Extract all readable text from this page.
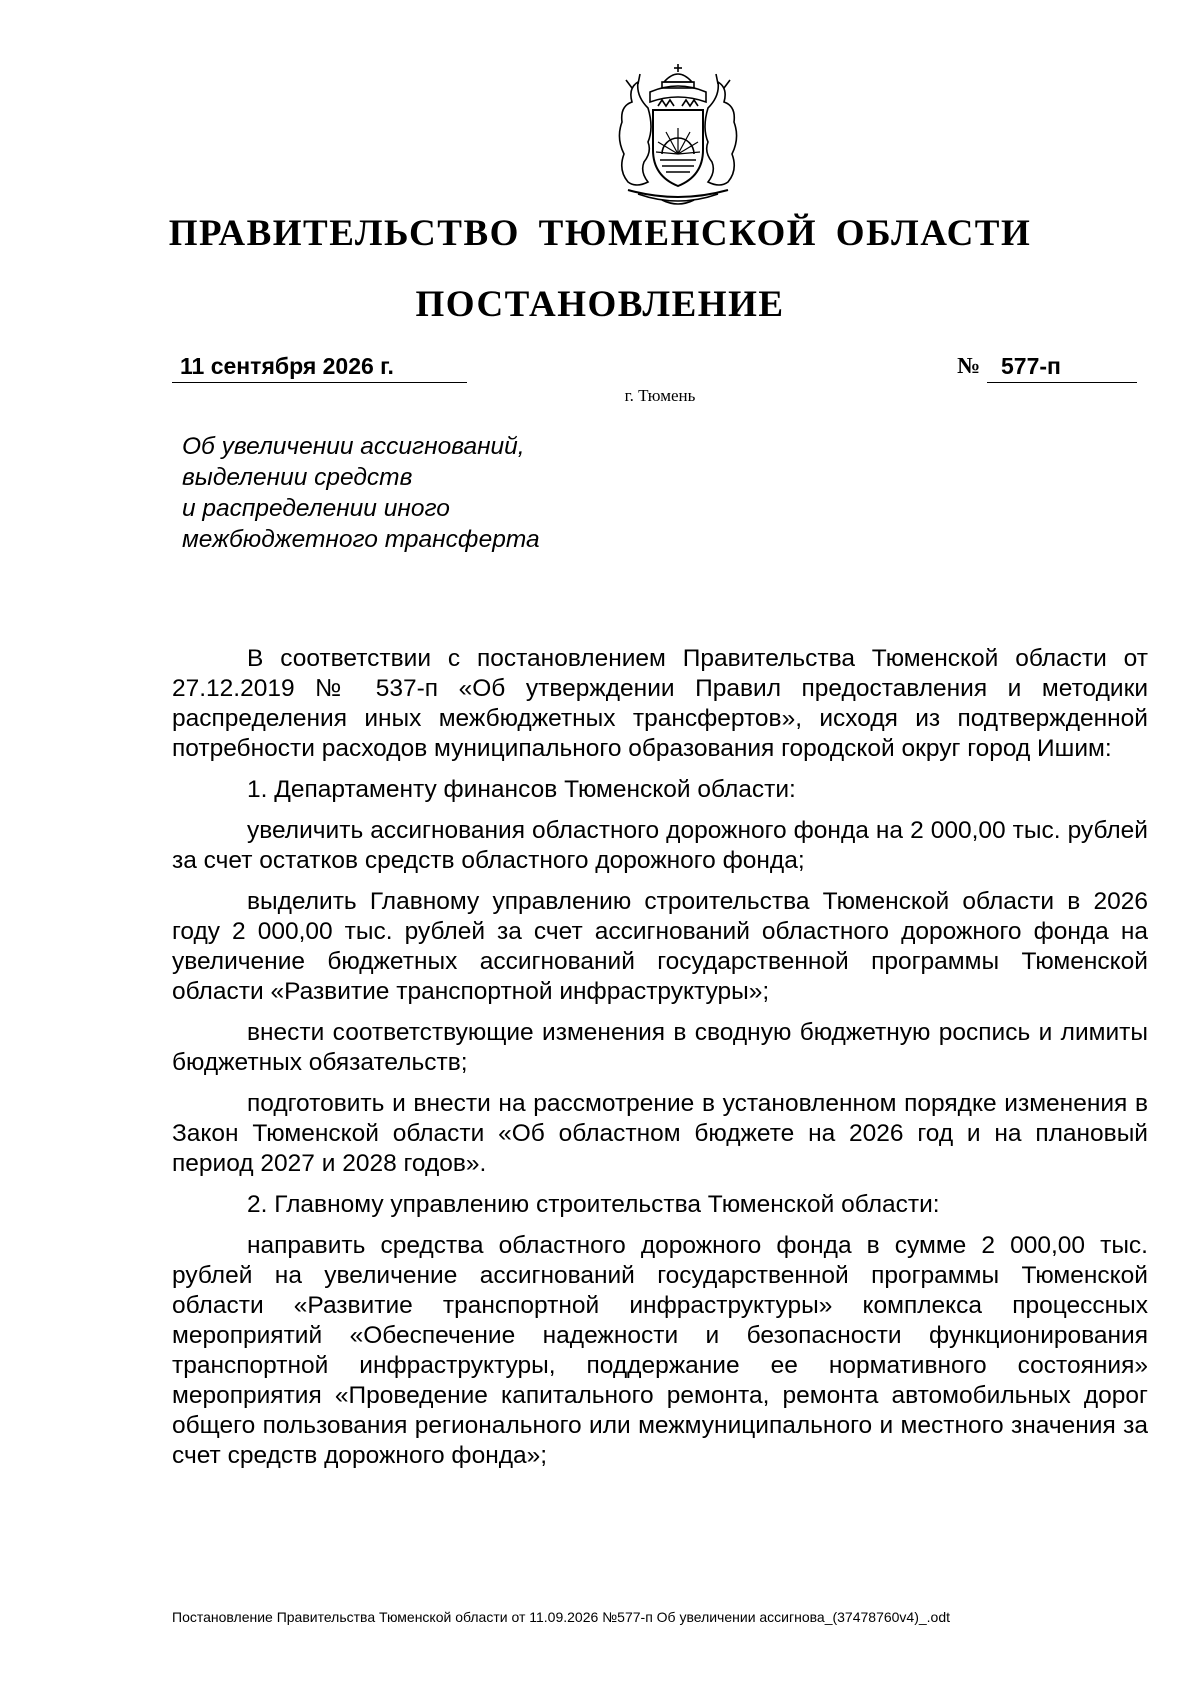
ПРАВИТЕЛЬСТВО ТЮМЕНСКОЙ ОБЛАСТИ
ПОСТАНОВЛЕНИЕ
11 сентября 2026 г.	№ 577-п
г. Тюмень
Об увеличении ассигнований,
выделении средств
и распределении иного
межбюджетного трансферта

В соответствии с постановлением Правительства Тюменской области от 27.12.2019 № 537-п «Об утверждении Правил предоставления и методики распределения иных межбюджетных трансфертов», исходя из подтвержденной потребности расходов муниципального образования городской округ город Ишим:

1. Департаменту финансов Тюменской области:

увеличить ассигнования областного дорожного фонда на 2 000,00 тыс. рублей за счет остатков средств областного дорожного фонда;

выделить Главному управлению строительства Тюменской области в 2026 году 2 000,00 тыс. рублей за счет ассигнований областного дорожного фонда на увеличение бюджетных ассигнований государственной программы Тюменской области «Развитие транспортной инфраструктуры»;

внести соответствующие изменения в сводную бюджетную роспись и лимиты бюджетных обязательств;

подготовить и внести на рассмотрение в установленном порядке изменения в Закон Тюменской области «Об областном бюджете на 2026 год и на плановый период 2027 и 2028 годов».

2. Главному управлению строительства Тюменской области:

направить средства областного дорожного фонда в сумме 2 000,00 тыс. рублей на увеличение ассигнований государственной программы Тюменской области «Развитие транспортной инфраструктуры» комплекса процессных мероприятий «Обеспечение надежности и безопасности функционирования транспортной инфраструктуры, поддержание ее нормативного состояния» мероприятия «Проведение капитального ремонта, ремонта автомобильных дорог общего пользования регионального или межмуниципального и местного значения за счет средств дорожного фонда»;

Постановление Правительства Тюменской области от 11.09.2026 №577-п Об увеличении ассигнова_(37478760v4)_.odt
